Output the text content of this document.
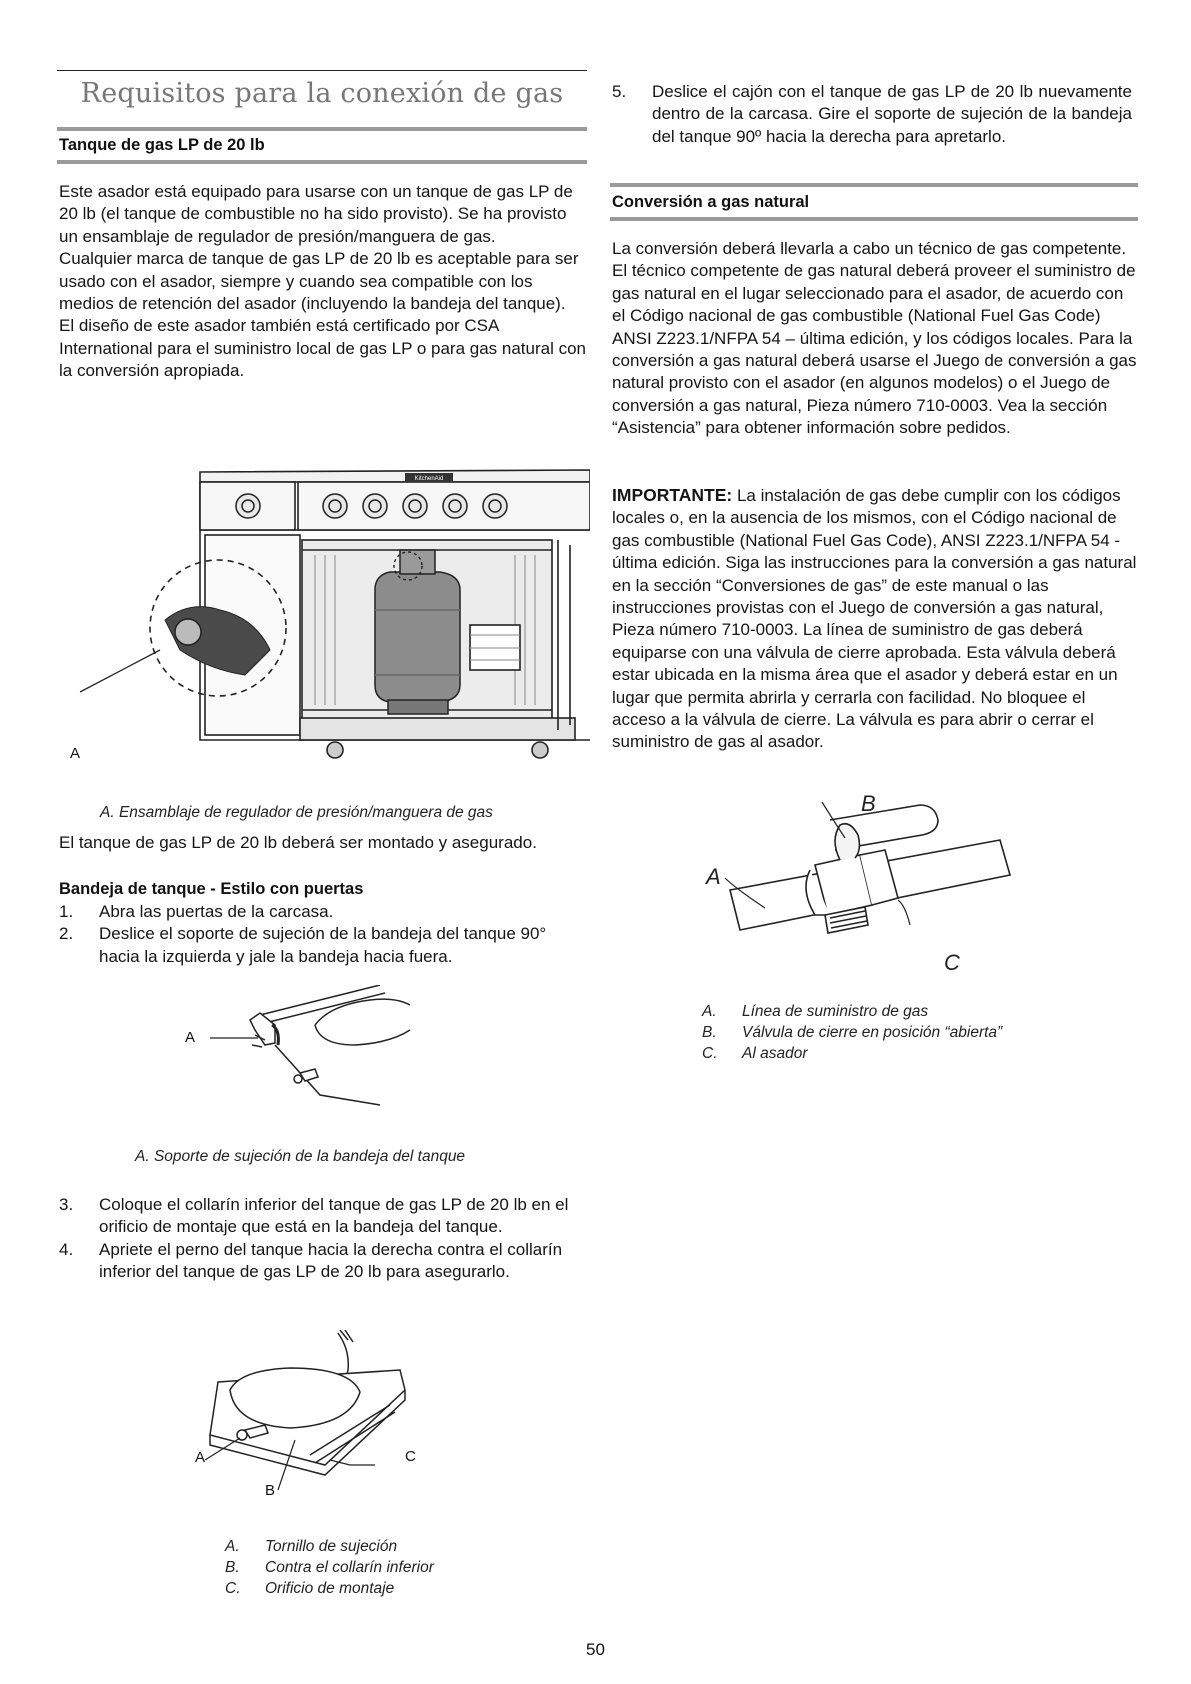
Requisitos para la conexión de gas
Tanque de gas LP de 20 lb

Este asador está equipado para usarse con un tanque de gas LP de 20 lb (el tanque de combustible no ha sido provisto). Se ha provisto un ensamblaje de regulador de presión/manguera de gas.

Cualquier marca de tanque de gas LP de 20 lb es aceptable para ser usado con el asador, siempre y cuando sea compatible con los medios de retención del asador (incluyendo la bandeja del tanque).

El diseño de este asador también está certificado por CSA International para el suministro local de gas LP o para gas natural con la conversión apropiada.

KitchenAid
A
A. Ensamblaje de regulador de presión/manguera de gas
El tanque de gas LP de 20 lb deberá ser montado y asegurado.
Bandeja de tanque - Estilo con puertas
1. Abra las puertas de la carcasa.
2. Deslice el soporte de sujeción de la bandeja del tanque 90° hacia la izquierda y jale la bandeja hacia fuera.
A
A. Soporte de sujeción de la bandeja del tanque
3. Coloque el collarín inferior del tanque de gas LP de 20 lb en el orificio de montaje que está en la bandeja del tanque.
4. Apriete el perno del tanque hacia la derecha contra el collarín inferior del tanque de gas LP de 20 lb para asegurarlo.
A
B
C
A. Tornillo de sujeción
B. Contra el collarín inferior
C. Orificio de montaje
5. Deslice el cajón con el tanque de gas LP de 20 lb nuevamente dentro de la carcasa. Gire el soporte de sujeción de la bandeja del tanque 90º hacia la derecha para apretarlo.
Conversión a gas natural
La conversión deberá llevarla a cabo un técnico de gas competente. El técnico competente de gas natural deberá proveer el suministro de gas natural en el lugar seleccionado para el asador, de acuerdo con el Código nacional de gas combustible (National Fuel Gas Code) ANSI Z223.1/NFPA 54 – última edición, y los códigos locales. Para la conversión a gas natural deberá usarse el Juego de conversión a gas natural provisto con el asador (en algunos modelos) o el Juego de conversión a gas natural, Pieza número 710-0003. Vea la sección “Asistencia” para obtener información sobre pedidos.
IMPORTANTE: La instalación de gas debe cumplir con los códigos locales o, en la ausencia de los mismos, con el Código nacional de gas combustible (National Fuel Gas Code), ANSI Z223.1/NFPA 54 - última edición. Siga las instrucciones para la conversión a gas natural en la sección “Conversiones de gas” de este manual o las instrucciones provistas con el Juego de conversión a gas natural, Pieza número 710-0003. La línea de suministro de gas deberá equiparse con una válvula de cierre aprobada. Esta válvula deberá estar ubicada en la misma área que el asador y deberá estar en un lugar que permita abrirla y cerrarla con facilidad. No bloquee el acceso a la válvula de cierre. La válvula es para abrir o cerrar el suministro de gas al asador.
B
A
C
A. Línea de suministro de gas
B. Válvula de cierre en posición “abierta”
C. Al asador
50
